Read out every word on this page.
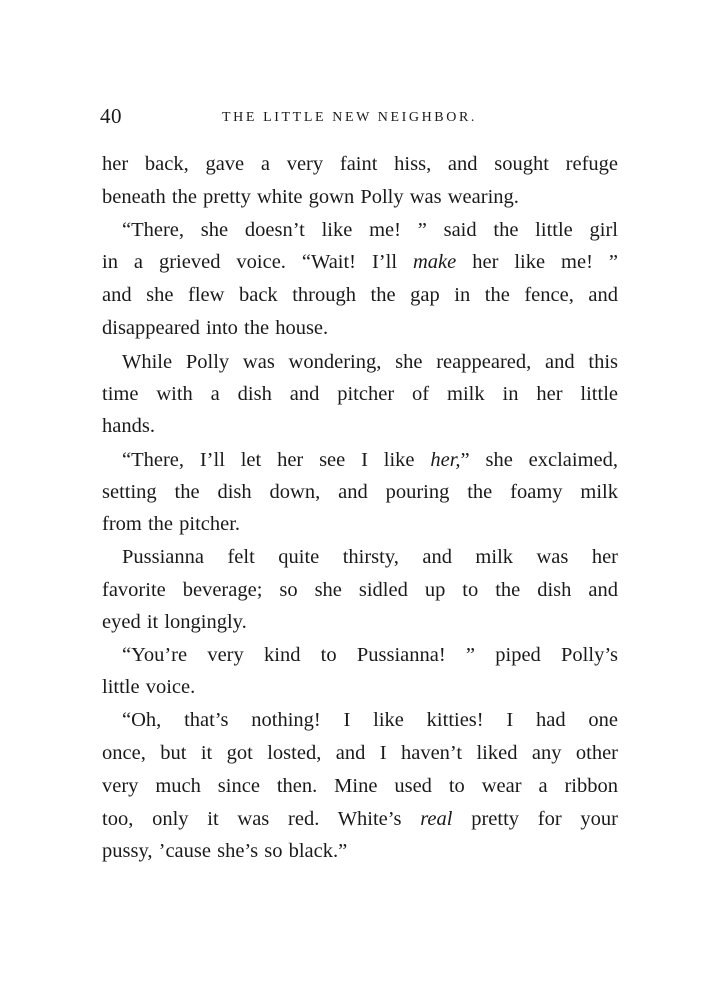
40	THE LITTLE NEW NEIGHBOR.
her back, gave a very faint hiss, and sought refuge
beneath the pretty white gown Polly was wearing.
“There, she doesn’t like me! ” said the little girl
in a grieved voice. “Wait! I’ll make her like me! ”
and she flew back through the gap in the fence, and
disappeared into the house.
While Polly was wondering, she reappeared, and this
time with a dish and pitcher of milk in her little
hands.
“There, I’ll let her see I like her,” she exclaimed,
setting the dish down, and pouring the foamy milk
from the pitcher.
Pussianna felt quite thirsty, and milk was her
favorite beverage; so she sidled up to the dish and
eyed it longingly.
“You’re very kind to Pussianna! ” piped Polly’s
little voice.
“Oh, that’s nothing! I like kitties! I had one
once, but it got losted, and I haven’t liked any other
very much since then. Mine used to wear a ribbon
too, only it was red. White’s real pretty for your
pussy, ’cause she’s so black.”
